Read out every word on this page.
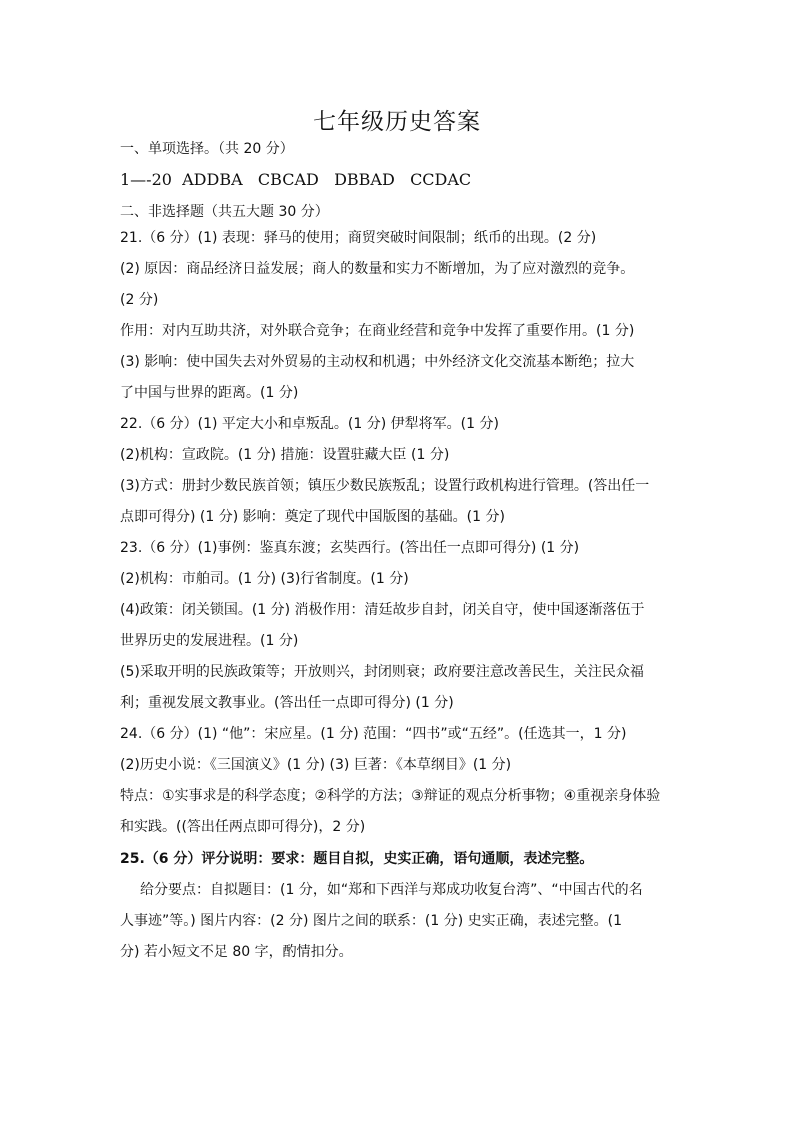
七年级历史答案
一、单项选择。（共 20 分）
1—-20  ADDBA   CBCAD   DBBAD   CCDAC
二、非选择题（共五大题 30 分）
21.（6 分）(1) 表现：驿马的使用；商贸突破时间限制；纸币的出现。(2 分)
(2) 原因：商品经济日益发展；商人的数量和实力不断增加，为了应对激烈的竞争。
(2 分)
作用：对内互助共济，对外联合竞争；在商业经营和竞争中发挥了重要作用。(1 分)
(3) 影响：使中国失去对外贸易的主动权和机遇；中外经济文化交流基本断绝；拉大
了中国与世界的距离。(1 分)
22.（6 分）(1) 平定大小和卓叛乱。(1 分) 伊犁将军。(1 分)
(2)机构：宣政院。(1 分) 措施：设置驻藏大臣 (1 分)
(3)方式：册封少数民族首领；镇压少数民族叛乱；设置行政机构进行管理。(答出任一
点即可得分) (1 分) 影响：奠定了现代中国版图的基础。(1 分)
23.（6 分）(1)事例：鉴真东渡；玄奘西行。(答出任一点即可得分) (1 分)
(2)机构：市舶司。(1 分) (3)行省制度。(1 分)
(4)政策：闭关锁国。(1 分) 消极作用：清廷故步自封，闭关自守，使中国逐渐落伍于
世界历史的发展进程。(1 分)
(5)采取开明的民族政策等；开放则兴，封闭则衰；政府要注意改善民生，关注民众福
利；重视发展文教事业。(答出任一点即可得分) (1 分)
24.（6 分）(1) “他”：宋应星。(1 分) 范围：“四书”或“五经”。(任选其一，1 分)
(2)历史小说：《三国演义》(1 分) (3) 巨著：《本草纲目》(1 分)
特点：①实事求是的科学态度；②科学的方法；③辩证的观点分析事物；④重视亲身体验
和实践。((答出任两点即可得分)，2 分)
25.（6 分）评分说明：要求：题目自拟，史实正确，语句通顺，表述完整。
给分要点：自拟题目：(1 分，如“郑和下西洋与郑成功收复台湾”、“中国古代的名
人事迹”等。) 图片内容：(2 分) 图片之间的联系：(1 分) 史实正确，表述完整。(1
分) 若小短文不足 80 字，酌情扣分。
